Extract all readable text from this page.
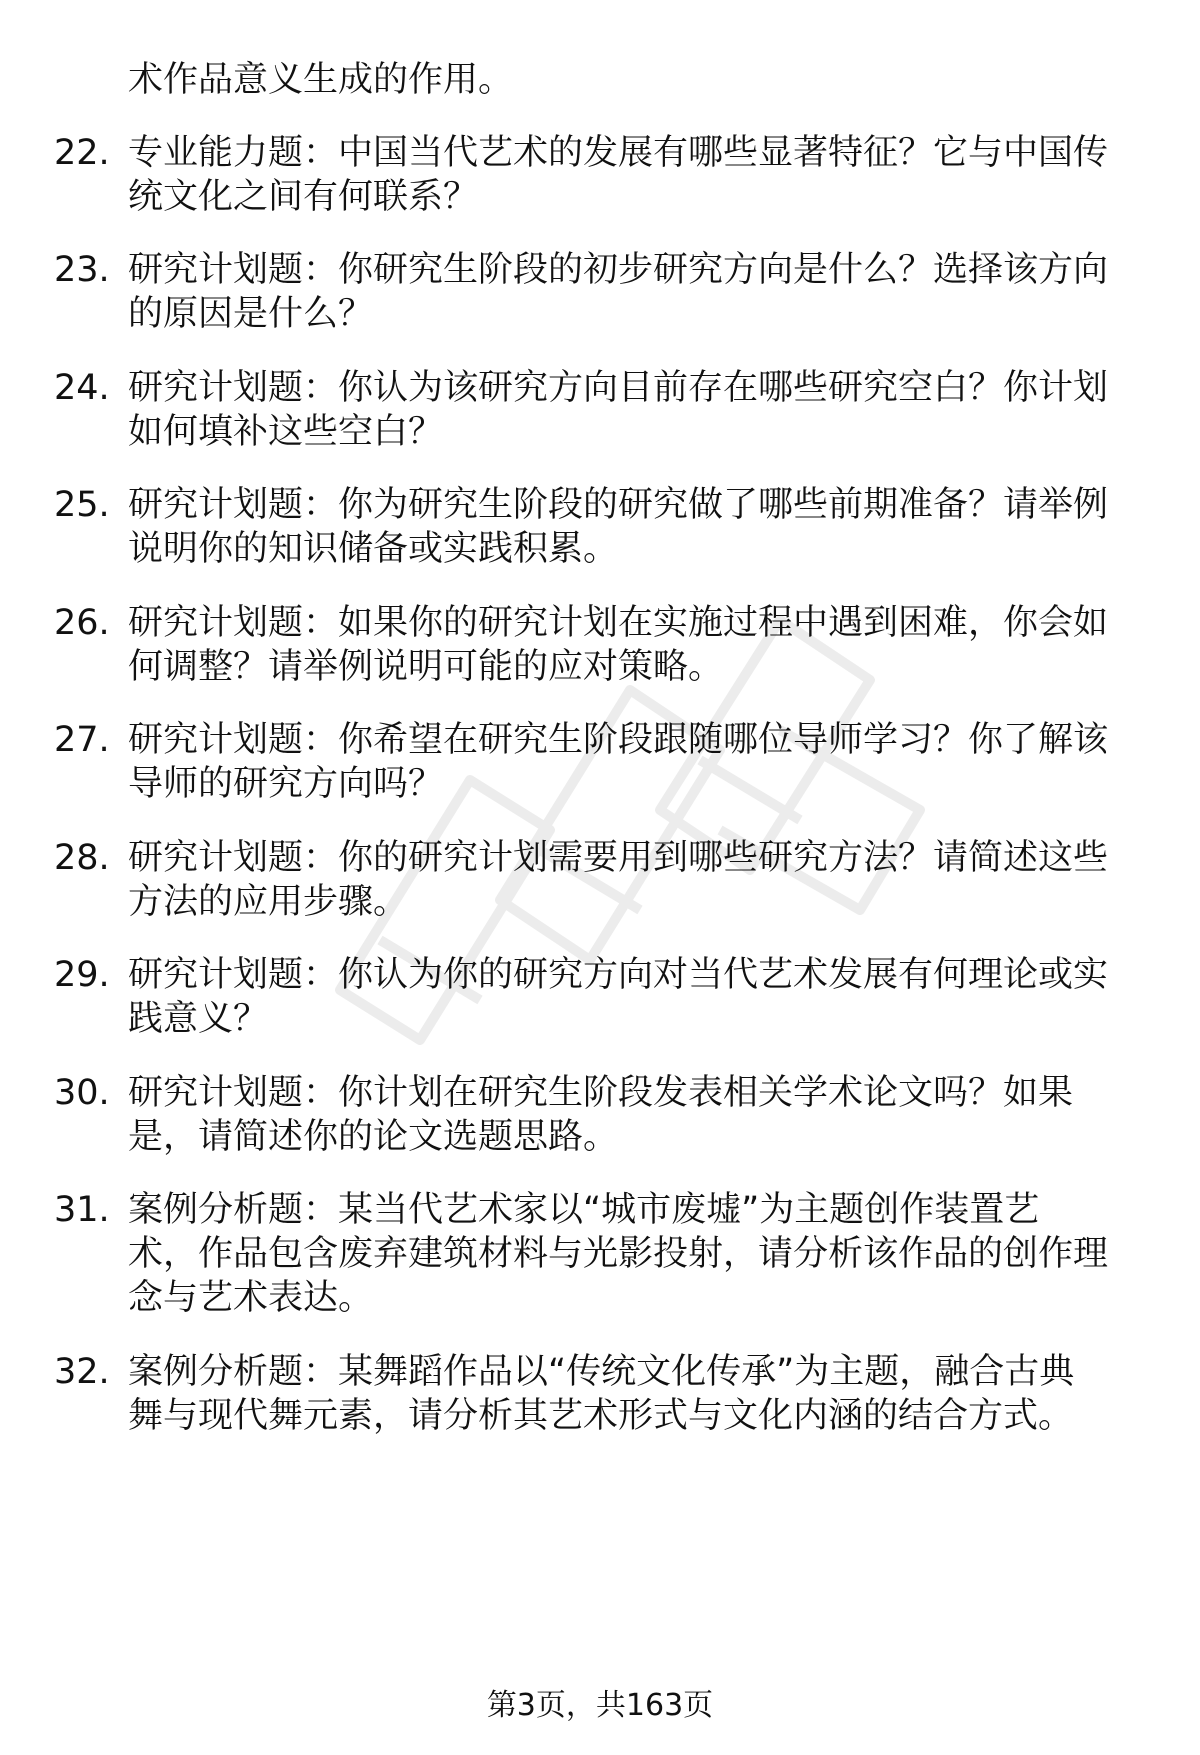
术作品意义生成的作用。
22. 专业能力题：中国当代艺术的发展有哪些显著特征？它与中国传
统文化之间有何联系？
23. 研究计划题：你研究生阶段的初步研究方向是什么？选择该方向
的原因是什么？
24. 研究计划题：你认为该研究方向目前存在哪些研究空白？你计划
如何填补这些空白？
25. 研究计划题：你为研究生阶段的研究做了哪些前期准备？请举例
说明你的知识储备或实践积累。
26. 研究计划题：如果你的研究计划在实施过程中遇到困难，你会如
何调整？请举例说明可能的应对策略。
27. 研究计划题：你希望在研究生阶段跟随哪位导师学习？你了解该
导师的研究方向吗？
28. 研究计划题：你的研究计划需要用到哪些研究方法？请简述这些
方法的应用步骤。
29. 研究计划题：你认为你的研究方向对当代艺术发展有何理论或实
践意义？
30. 研究计划题：你计划在研究生阶段发表相关学术论文吗？如果
是，请简述你的论文选题思路。
31. 案例分析题：某当代艺术家以“城市废墟”为主题创作装置艺
术，作品包含废弃建筑材料与光影投射，请分析该作品的创作理
念与艺术表达。
32. 案例分析题：某舞蹈作品以“传统文化传承”为主题，融合古典
舞与现代舞元素，请分析其艺术形式与文化内涵的结合方式。
第3页，共163页
